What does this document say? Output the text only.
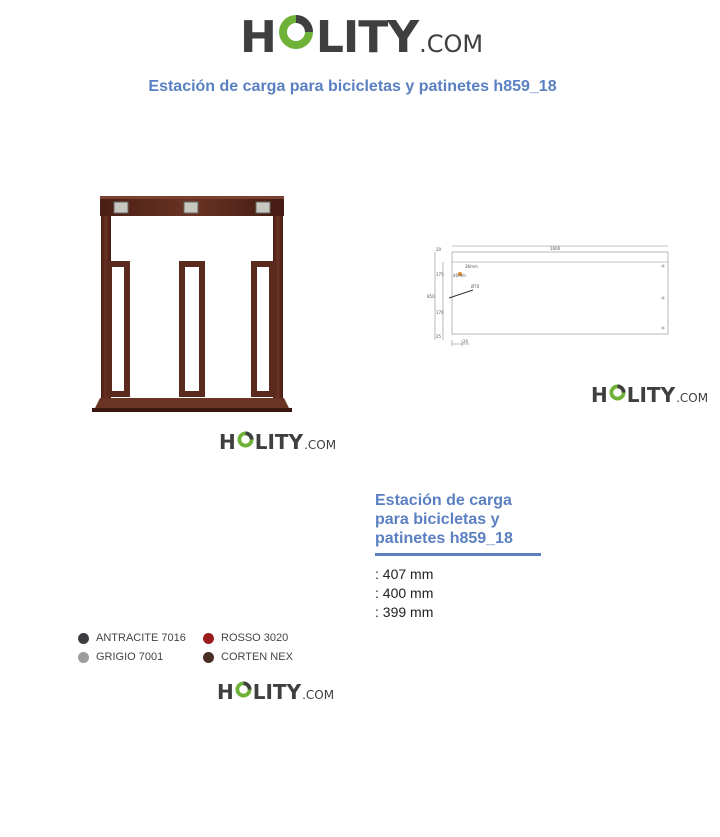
H LITY .COM
Estación de carga para bicicletas y patinetes h859_18
H LITY .COM
1600
20
175
850
170
25
20
Ø70
36mm
46mm
H LITY .COM
Estación de carga para bicicletas y patinetes h859_18
: 407 mm
: 400 mm
: 399 mm
ANTRACITE 7016	ROSSO 3020
GRIGIO 7001	CORTEN NEX
H LITY .COM
